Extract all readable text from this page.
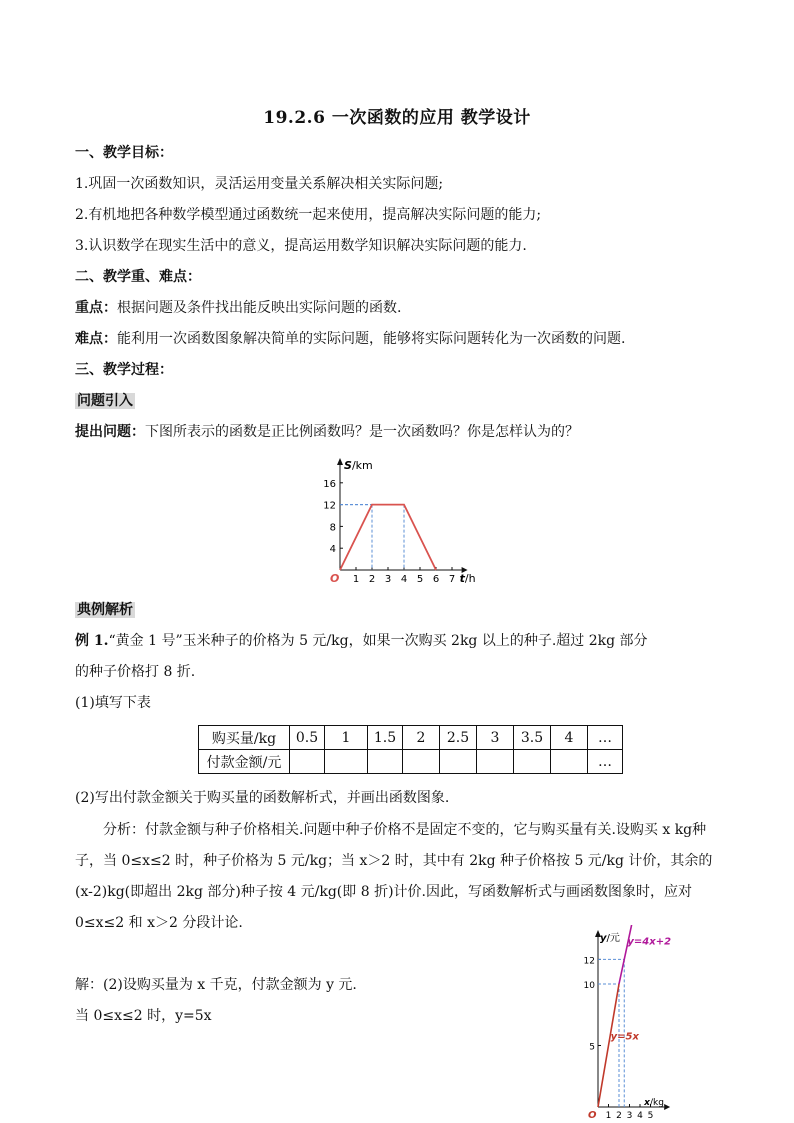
19.2.6 一次函数的应用 教学设计
一、教学目标：
1.巩固一次函数知识，灵活运用变量关系解决相关实际问题;
2.有机地把各种数学模型通过函数统一起来使用，提高解决实际问题的能力;
3.认识数学在现实生活中的意义，提高运用数学知识解决实际问题的能力.
二、教学重、难点：
重点：根据问题及条件找出能反映出实际问题的函数.
难点：能利用一次函数图象解决简单的实际问题，能够将实际问题转化为一次函数的问题.
三、教学过程：
问题引入
提出问题：下图所表示的函数是正比例函数吗？是一次函数吗？你是怎样认为的？
1 2 3 4 5 6 7
4
8
12
16
O
S/km
t/h
典例解析
例 1.“黄金 1 号”玉米种子的价格为 5 元/kg，如果一次购买 2kg 以上的种子.超过 2kg 部分
的种子价格打 8 折.
(1)填写下表
购买量/kg	0.5	1	1.5	2	2.5	3	3.5	4	…
付款金额/元									…
(2)写出付款金额关于购买量的函数解析式，并画出函数图象.
分析：付款金额与种子价格相关.问题中种子价格不是固定不变的，它与购买量有关.设购买 x kg种子，当 0≤x≤2 时，种子价格为 5 元/kg；当 x＞2 时，其中有 2kg 种子价格按 5 元/kg 计价，其余的(x-2)kg(即超出 2kg 部分)种子按 4 元/kg(即 8 折)计价.因此，写函数解析式与画函数图象时，应对 0≤x≤2 和 x＞2 分段计论.
解：(2)设购买量为 x 千克，付款金额为 y 元.
当 0≤x≤2 时，y=5x
1 2 3 4 5
5
10
12
y=5x
y=4x+2
O
y/元
x/kg
